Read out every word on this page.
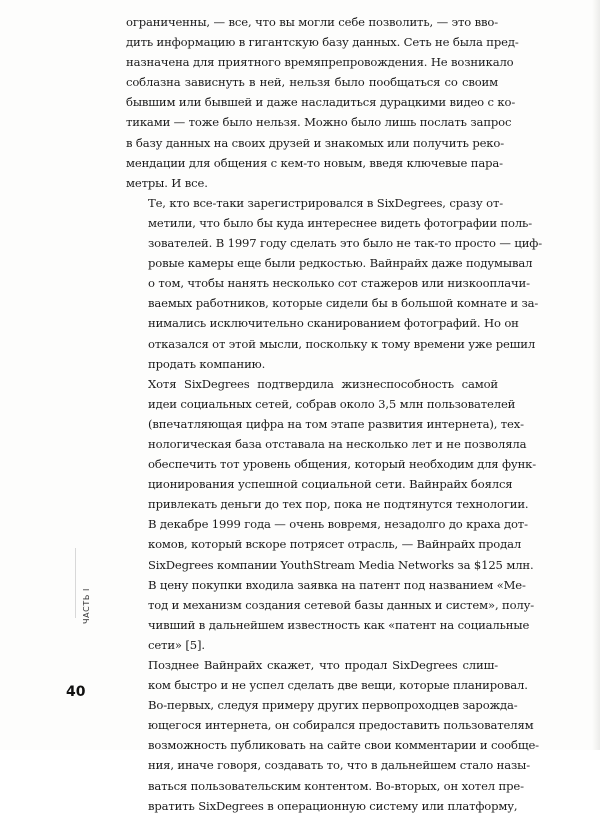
ограниченны, — все, что вы могли себе позволить, — это вво-
дить информацию в гигантскую базу данных. Сеть не была пред-
назначена для приятного времяпрепровождения. Не возникало
соблазна зависнуть в ней, нельзя было пообщаться со своим
бывшим или бывшей и даже насладиться дурацкими видео с ко-
тиками — тоже было нельзя. Можно было лишь послать запрос
в базу данных на своих друзей и знакомых или получить реко-
мендации для общения с кем-то новым, введя ключевые пара-
метры. И все.
Те, кто все-таки зарегистрировался в SixDegrees, сразу от-
метили, что было бы куда интереснее видеть фотографии поль-
зователей. В 1997 году сделать это было не так-то просто — циф-
ровые камеры еще были редкостью. Вайнрайх даже подумывал
о том, чтобы нанять несколько сот стажеров или низкооплачи-
ваемых работников, которые сидели бы в большой комнате и за-
нимались исключительно сканированием фотографий. Но он
отказался от этой мысли, поскольку к тому времени уже решил
продать компанию.
Хотя SixDegrees подтвердила жизнеспособность самой
идеи социальных сетей, собрав около 3,5 млн пользователей
(впечатляющая цифра на том этапе развития интернета), тех-
нологическая база отставала на несколько лет и не позволяла
обеспечить тот уровень общения, который необходим для функ-
ционирования успешной социальной сети. Вайнрайх боялся
привлекать деньги до тех пор, пока не подтянутся технологии.
В декабре 1999 года — очень вовремя, незадолго до краха дот-
комов, который вскоре потрясет отрасль, — Вайнрайх продал
SixDegrees компании YouthStream Media Networks за $125 млн.
В цену покупки входила заявка на патент под названием «Ме-
тод и механизм создания сетевой базы данных и систем», полу-
чивший в дальнейшем известность как «патент на социальные
сети» [5].
Позднее Вайнрайх скажет, что продал SixDegrees слиш-
ком быстро и не успел сделать две вещи, которые планировал.
Во-первых, следуя примеру других первопроходцев зарожда-
ющегося интернета, он собирался предоставить пользователям
возможность публиковать на сайте свои комментарии и сообще-
ния, иначе говоря, создавать то, что в дальнейшем стало назы-
ваться пользовательским контентом. Во-вторых, он хотел пре-
вратить SixDegrees в операционную систему или платформу,
ЧАСТЬ I
40
